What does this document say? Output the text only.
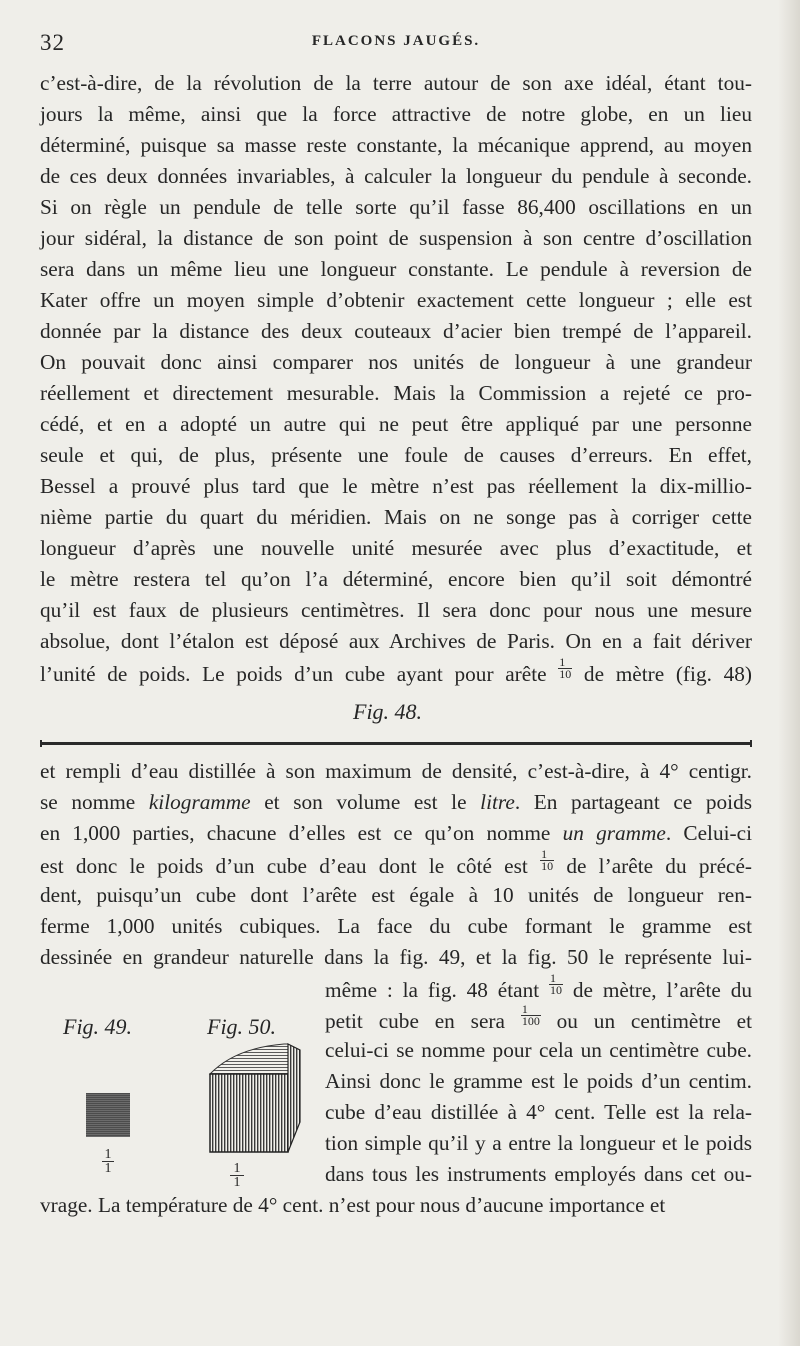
32	FLACONS JAUGÉS.
c’est-à-dire, de la révolution de la terre autour de son axe idéal, étant tou-
jours la même, ainsi que la force attractive de notre globe, en un lieu
déterminé, puisque sa masse reste constante, la mécanique apprend, au moyen
de ces deux données invariables, à calculer la longueur du pendule à seconde.
Si on règle un pendule de telle sorte qu’il fasse 86,400 oscillations en un
jour sidéral, la distance de son point de suspension à son centre d’oscillation
sera dans un même lieu une longueur constante. Le pendule à reversion de
Kater offre un moyen simple d’obtenir exactement cette longueur ; elle est
donnée par la distance des deux couteaux d’acier bien trempé de l’appareil.
On pouvait donc ainsi comparer nos unités de longueur à une grandeur
réellement et directement mesurable. Mais la Commission a rejeté ce pro-
cédé, et en a adopté un autre qui ne peut être appliqué par une personne
seule et qui, de plus, présente une foule de causes d’erreurs. En effet,
Bessel a prouvé plus tard que le mètre n’est pas réellement la dix-millio-
nième partie du quart du méridien. Mais on ne songe pas à corriger cette
longueur d’après une nouvelle unité mesurée avec plus d’exactitude, et
le mètre restera tel qu’on l’a déterminé, encore bien qu’il soit démontré
qu’il est faux de plusieurs centimètres. Il sera donc pour nous une mesure
absolue, dont l’étalon est déposé aux Archives de Paris. On en a fait dériver
l’unité de poids. Le poids d’un cube ayant pour arête $\frac{1}{10}$ de mètre (fig. 48)
Fig. 48.
et rempli d’eau distillée à son maximum de densité, c’est-à-dire, à 4° centigr.
se nomme kilogramme et son volume est le litre. En partageant ce poids
en 1,000 parties, chacune d’elles est ce qu’on nomme un gramme. Celui-ci
est donc le poids d’un cube d’eau dont le côté est $\frac{1}{10}$ de l’arête du précé-
dent, puisqu’un cube dont l’arête est égale à 10 unités de longueur ren-
ferme 1,000 unités cubiques. La face du cube formant le gramme est
dessinée en grandeur naturelle dans la fig. 49, et la fig. 50 le représente lui-
même : la fig. 48 étant $\frac{1}{10}$ de mètre, l’arête du
petit cube en sera $\frac{1}{100}$ ou un centimètre et
celui-ci se nomme pour cela un centimètre cube.
Ainsi donc le gramme est le poids d’un centim.
cube d’eau distillée à 4° cent. Telle est la rela-
tion simple qu’il y a entre la longueur et le poids
dans tous les instruments employés dans cet ou-
vrage. La température de 4° cent. n’est pour nous d’aucune importance et
Fig. 49.
1
1
Fig. 50.
1
1
